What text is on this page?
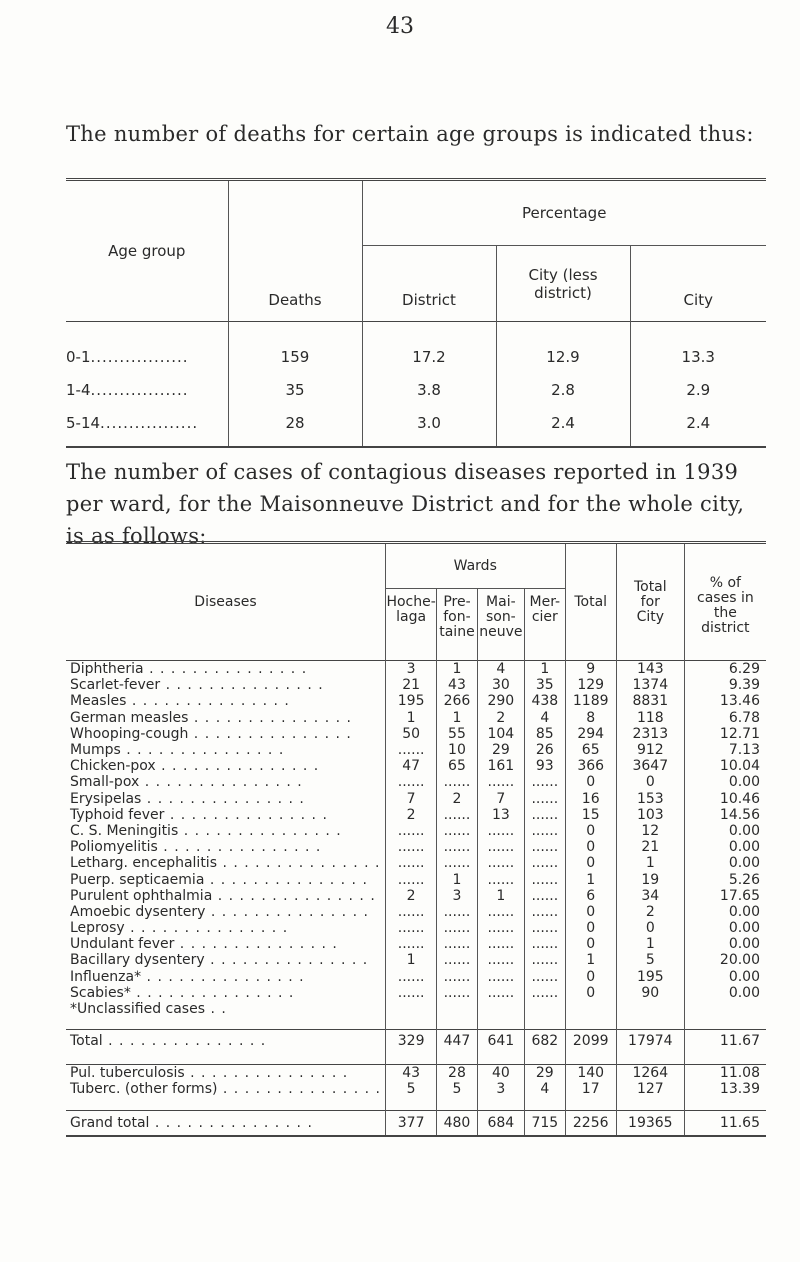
43
The number of deaths for certain age groups is indicated thus:
Age group	Deaths	Percentage		
		District	City (less district)	City
0-1.................	159	17.2	12.9	13.3
1-4.................	35	3.8	2.8	2.9
5-14.................	28	3.0	2.4	2.4
The number of cases of contagious diseases reported in 1939 per ward, for the Maisonneuve District and for the whole city, is as follows:
Diseases	Wards				Total	Total for City	% of cases in the district
	Hoche-laga	Pre-fon-taine	Mai-son-neuve	Mer-cier			
Diphtheria . . . . . . . . . . . . . . .	3	1	4	1	9	143	6.29
Scarlet-fever . . . . . . . . . . . . . . .	21	43	30	35	129	1374	9.39
Measles . . . . . . . . . . . . . . .	195	266	290	438	1189	8831	13.46
German measles . . . . . . . . . . . . . . .	1	1	2	4	8	118	6.78
Whooping-cough . . . . . . . . . . . . . . .	50	55	104	85	294	2313	12.71
Mumps . . . . . . . . . . . . . . .	......	10	29	26	65	912	7.13
Chicken-pox . . . . . . . . . . . . . . .	47	65	161	93	366	3647	10.04
Small-pox . . . . . . . . . . . . . . .	......	......	......	......	0	0	0.00
Erysipelas . . . . . . . . . . . . . . .	7	2	7	......	16	153	10.46
Typhoid fever . . . . . . . . . . . . . . .	2	......	13	......	15	103	14.56
C. S. Meningitis . . . . . . . . . . . . . . .	......	......	......	......	0	12	0.00
Poliomyelitis . . . . . . . . . . . . . . .	......	......	......	......	0	21	0.00
Letharg. encephalitis . . . . . . . . . . . . . . .	......	......	......	......	0	1	0.00
Puerp. septicaemia . . . . . . . . . . . . . . .	......	1	......	......	1	19	5.26
Purulent ophthalmia . . . . . . . . . . . . . . .	2	3	1	......	6	34	17.65
Amoebic dysentery . . . . . . . . . . . . . . .	......	......	......	......	0	2	0.00
Leprosy . . . . . . . . . . . . . . .	......	......	......	......	0	0	0.00
Undulant fever . . . . . . . . . . . . . . .	......	......	......	......	0	1	0.00
Bacillary dysentery . . . . . . . . . . . . . . .	1	......	......	......	1	5	20.00
Influenza* . . . . . . . . . . . . . . .	......	......	......	......	0	195	0.00
Scabies* . . . . . . . . . . . . . . .	......	......	......	......	0	90	0.00
*Unclassified cases . .							

Total . . . . . . . . . . . . . . .	329	447	641	682	2099	17974	11.67

Pul. tuberculosis . . . . . . . . . . . . . . .	43	28	40	29	140	1264	11.08
Tuberc. (other forms) . . . . . . . . . . . . . . .	5	5	3	4	17	127	13.39

Grand total . . . . . . . . . . . . . . .	377	480	684	715	2256	19365	11.65
